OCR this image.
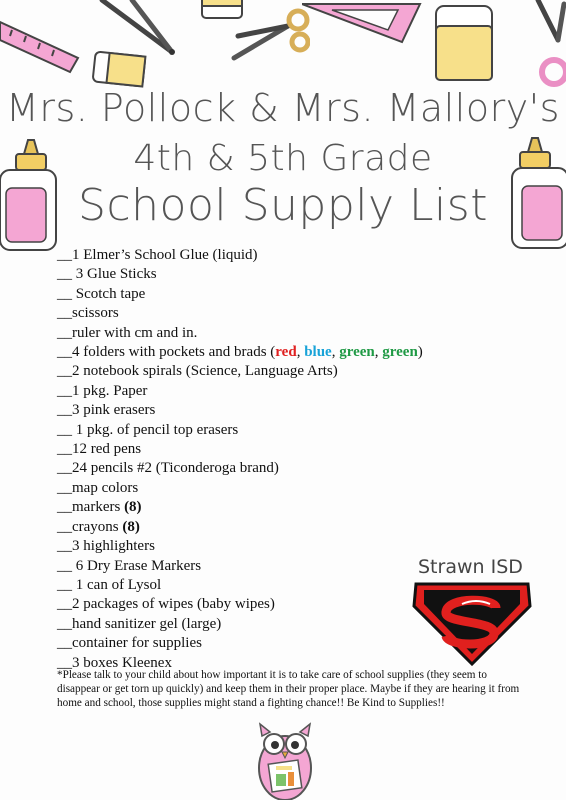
Mrs. Pollock & Mrs. Mallory's
4th & 5th Grade
School Supply List
__1 Elmer’s School Glue (liquid)
__ 3 Glue Sticks
__ Scotch tape
__scissors
__ruler with cm and in.
__4 folders with pockets and brads (red, blue, green, green)
__2 notebook spirals (Science, Language Arts)
__1 pkg. Paper
__3 pink erasers
__ 1 pkg. of pencil top erasers
__12 red pens
__24 pencils #2 (Ticonderoga brand)
__map colors
__markers (8)
__crayons (8)
__3 highlighters
__ 6 Dry Erase Markers
__ 1 can of Lysol
__2 packages of wipes (baby wipes)
__hand sanitizer gel (large)
__container for supplies
__3 boxes Kleenex
Strawn ISD
*Please talk to your child about how important it is to take care of school supplies (they seem to disappear or get torn up quickly) and keep them in their proper place. Maybe if they are hearing it from home and school, those supplies might stand a fighting chance!! Be Kind to Supplies!!
